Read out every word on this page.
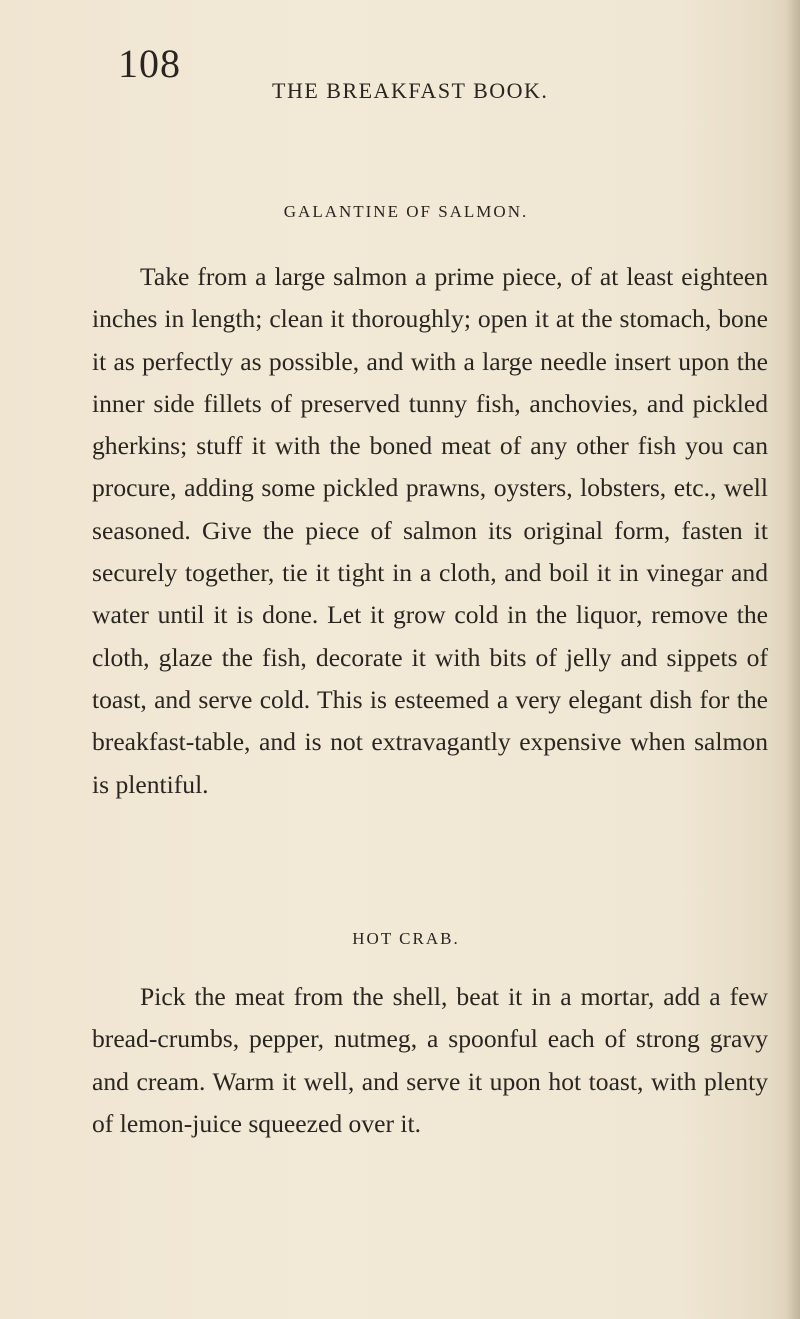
108
THE BREAKFAST BOOK.
GALANTINE OF SALMON.

Take from a large salmon a prime piece, of at least eighteen inches in length; clean it thoroughly; open it at the stomach, bone it as perfectly as possible, and with a large needle insert upon the inner side fillets of preserved tunny fish, anchovies, and pickled gherkins; stuff it with the boned meat of any other fish you can procure, adding some pickled prawns, oysters, lobsters, etc., well seasoned. Give the piece of salmon its original form, fasten it securely together, tie it tight in a cloth, and boil it in vinegar and water until it is done. Let it grow cold in the liquor, remove the cloth, glaze the fish, decorate it with bits of jelly and sippets of toast, and serve cold. This is esteemed a very elegant dish for the breakfast-table, and is not extravagantly expensive when salmon is plentiful.

HOT CRAB.

Pick the meat from the shell, beat it in a mortar, add a few bread-crumbs, pepper, nutmeg, a spoonful each of strong gravy and cream. Warm it well, and serve it upon hot toast, with plenty of lemon-juice squeezed over it.
